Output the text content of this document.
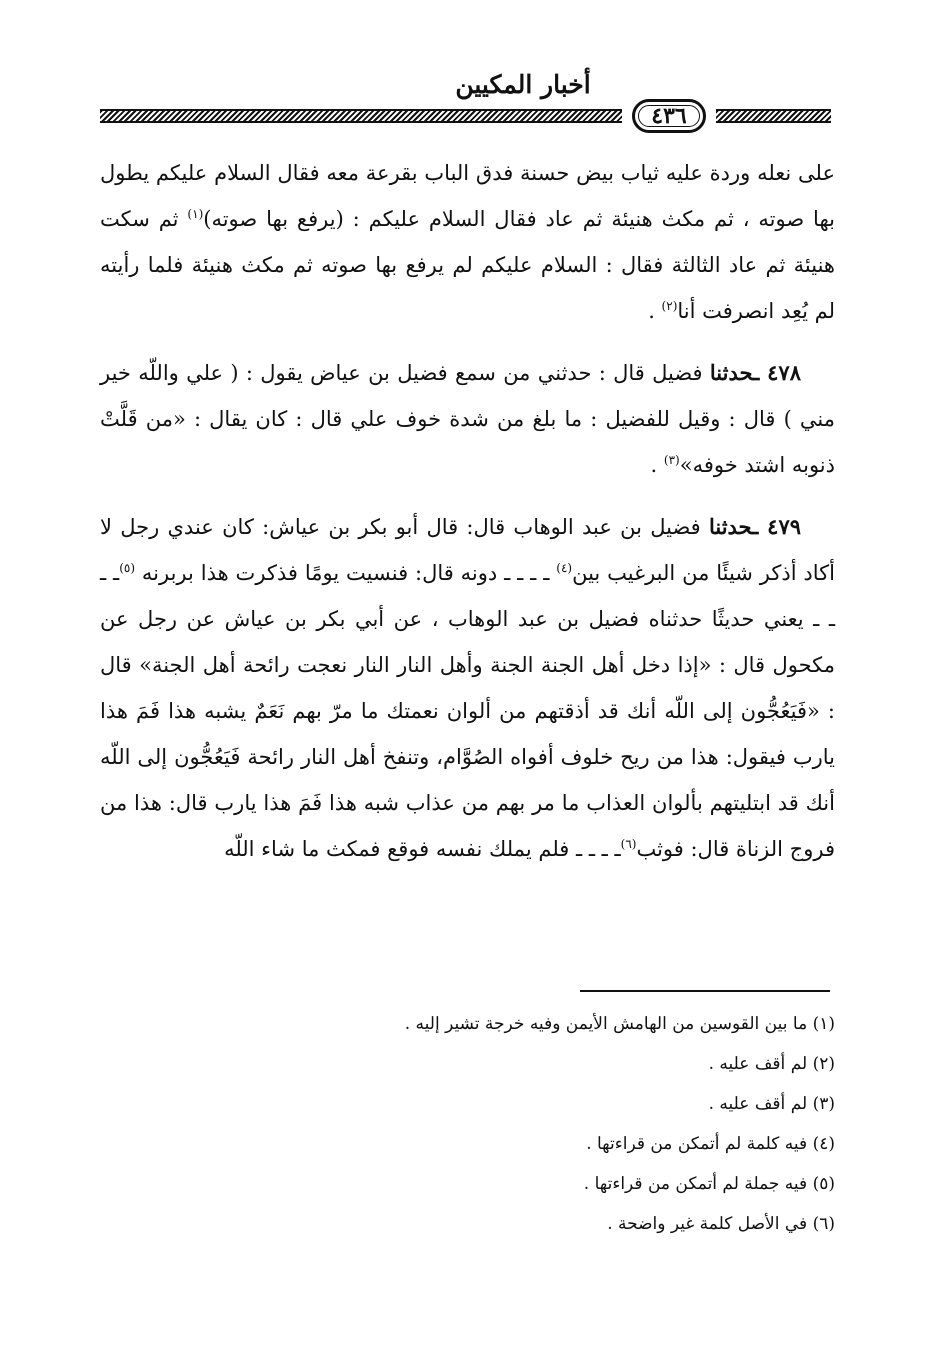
أخبار المكيين
٤٣٦

على نعله وردة عليه ثياب بيض حسنة فدق الباب بقرعة معه فقال السلام عليكم يطول بها صوته ، ثم مكث هنيئة ثم عاد فقال السلام عليكم : (يرفع بها صوته)$^{(١)}$ ثم سكت هنيئة ثم عاد الثالثة فقال : السلام عليكم لم يرفع بها صوته ثم مكث هنيئة فلما رأيته لم يُعِد انصرفت أنا$^{(٢)}$ .

٤٧٨ ـحدثنا فضيل قال : حدثني من سمع فضيل بن عياض يقول : ( علي واللّه خير مني ) قال : وقيل للفضيل : ما بلغ من شدة خوف علي قال : كان يقال : «من قَلَّتْ ذنوبه اشتد خوفه»$^{(٣)}$ .

٤٧٩ ـحدثنا فضيل بن عبد الوهاب قال: قال أبو بكر بن عياش: كان عندي رجل لا أكاد أذكر شيئًا من البرغيب بين$^{(٤)}$ ـ ـ ـ ـ دونه قال: فنسيت يومًا فذكرت هذا بربرنه $^{(٥)}$ـ ـ ـ ـ يعني حديثًا حدثناه فضيل بن عبد الوهاب ، عن أبي بكر بن عياش عن رجل عن مكحول قال : «إذا دخل أهل الجنة الجنة وأهل النار النار نعجت رائحة أهل الجنة» قال : «فَيَعُجُّون إلى اللّه أنك قد أذقتهم من ألوان نعمتك ما مرّ بهم نَعَمٌ يشبه هذا فَمَ هذا يارب فيقول: هذا من ريح خلوف أفواه الصُوَّام، وتنفخ أهل النار رائحة فَيَعُجُّون إلى اللّه أنك قد ابتليتهم بألوان العذاب ما مر بهم من عذاب شبه هذا فَمَ هذا يارب قال: هذا من فروج الزناة قال: فوثب$^{(٦)}$ـ ـ ـ ـ فلم يملك نفسه فوقع فمكث ما شاء اللّه

(١) ما بين القوسين من الهامش الأيمن وفيه خرجة تشير إليه .

(٢) لم أقف عليه .

(٣) لم أقف عليه .

(٤) فيه كلمة لم أتمكن من قراءتها .

(٥) فيه جملة لم أتمكن من قراءتها .

(٦) في الأصل كلمة غير واضحة .
